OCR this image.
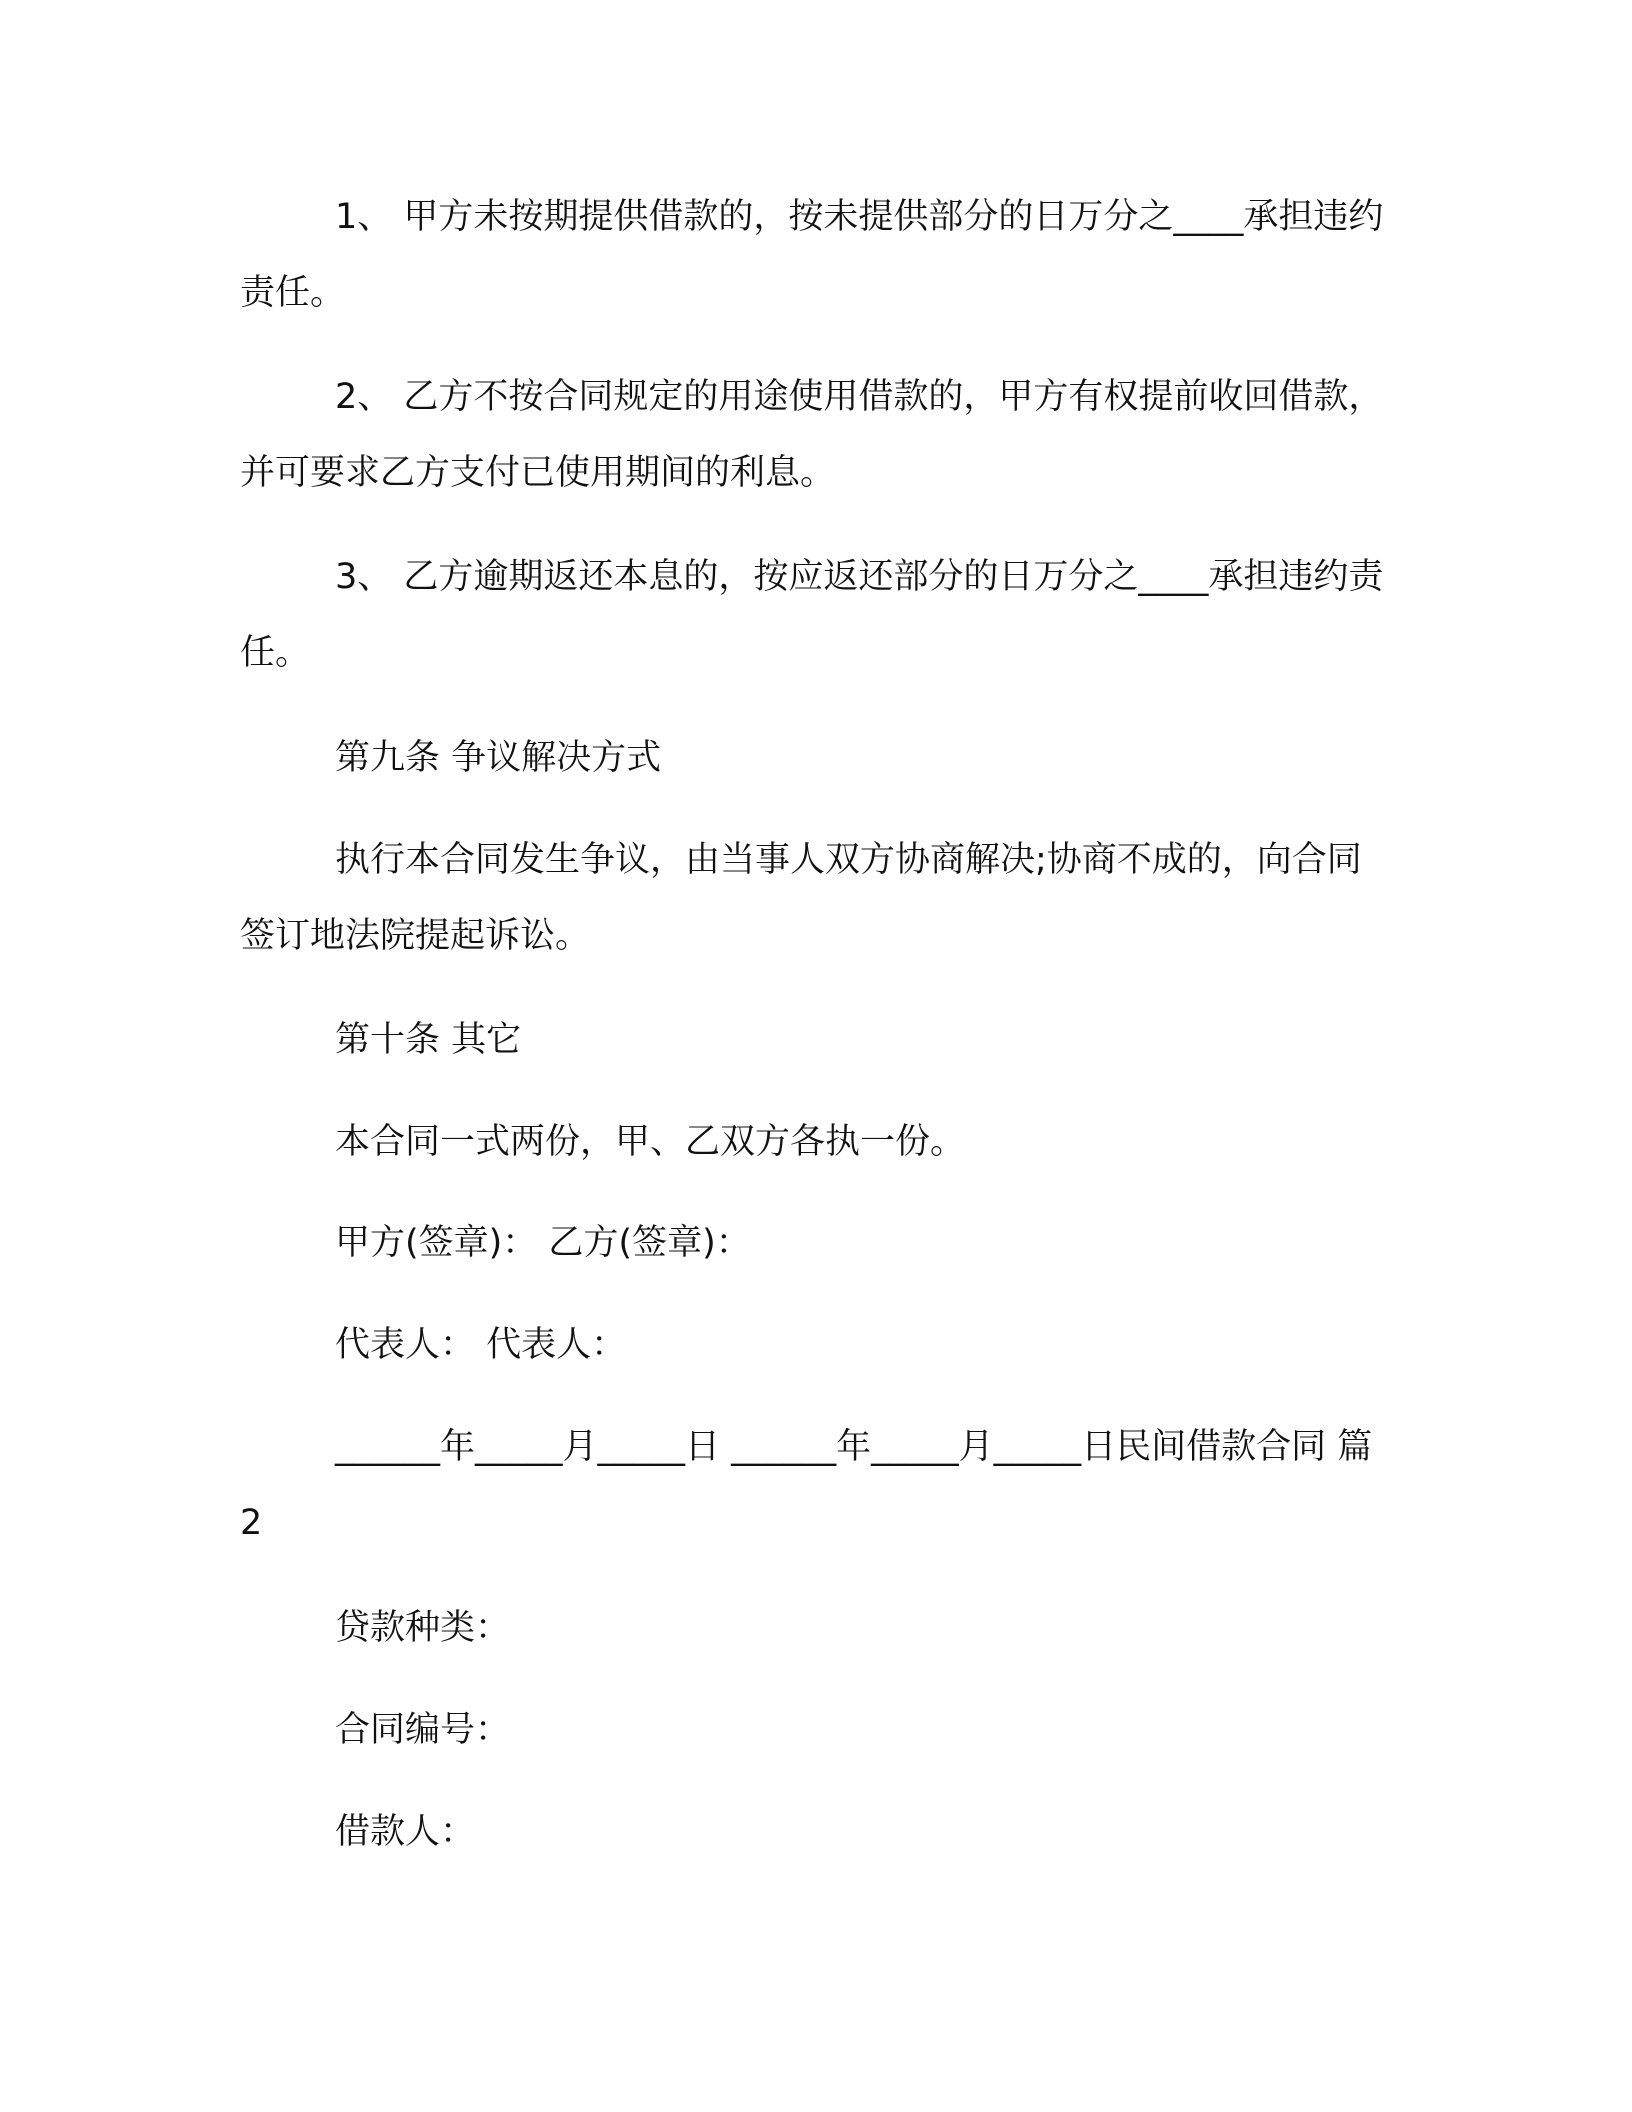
1、 甲方未按期提供借款的，按未提供部分的日万分之____承担违约责任。

2、 乙方不按合同规定的用途使用借款的，甲方有权提前收回借款，并可要求乙方支付已使用期间的利息。

3、 乙方逾期返还本息的，按应返还部分的日万分之____承担违约责任。

第九条 争议解决方式

执行本合同发生争议，由当事人双方协商解决;协商不成的，向合同签订地法院提起诉讼。

第十条 其它

本合同一式两份，甲、乙双方各执一份。

甲方(签章)： 乙方(签章)：

代表人： 代表人：

______年_____月_____日 ______年_____月_____日民间借款合同 篇 2

贷款种类：

合同编号：

借款人：
